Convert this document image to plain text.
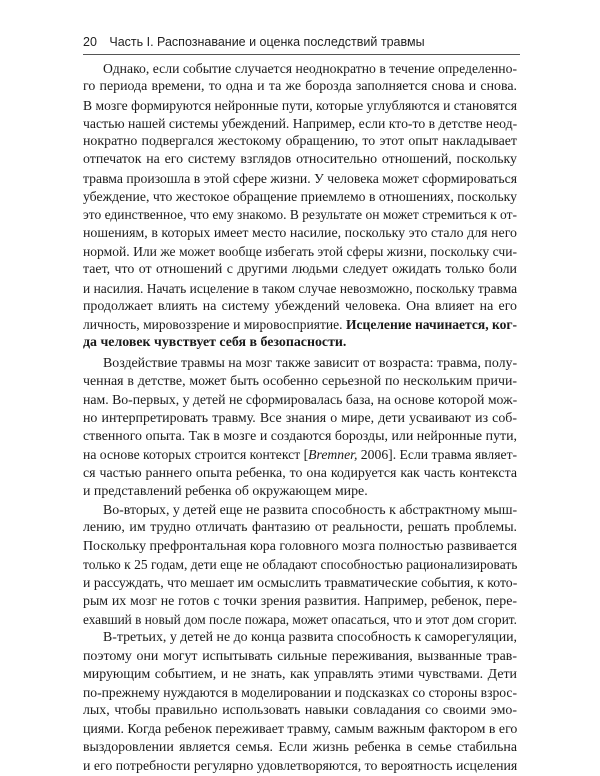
20 Часть I. Распознавание и оценка последствий травмы
Однако, если событие случается неоднократно в течение определенно-
го периода времени, то одна и та же борозда заполняется снова и снова.
В мозге формируются нейронные пути, которые углубляются и становятся
частью нашей системы убеждений. Например, если кто-то в детстве неод-
нократно подвергался жестокому обращению, то этот опыт накладывает
отпечаток на его систему взглядов относительно отношений, поскольку
травма произошла в этой сфере жизни. У человека может сформироваться
убеждение, что жестокое обращение приемлемо в отношениях, поскольку
это единственное, что ему знакомо. В результате он может стремиться к от-
ношениям, в которых имеет место насилие, поскольку это стало для него
нормой. Или же может вообще избегать этой сферы жизни, поскольку счи-
тает, что от отношений с другими людьми следует ожидать только боли
и насилия. Начать исцеление в таком случае невозможно, поскольку травма
продолжает влиять на систему убеждений человека. Она влияет на его
личность, мировоззрение и мировосприятие. Исцеление начинается, ког-
да человек чувствует себя в безопасности.
Воздействие травмы на мозг также зависит от возраста: травма, полу-
ченная в детстве, может быть особенно серьезной по нескольким причи-
нам. Во-первых, у детей не сформировалась база, на основе которой мож-
но интерпретировать травму. Все знания о мире, дети усваивают из соб-
ственного опыта. Так в мозге и создаются борозды, или нейронные пути,
на основе которых строится контекст [Bremner, 2006]. Если травма являет-
ся частью раннего опыта ребенка, то она кодируется как часть контекста
и представлений ребенка об окружающем мире.
Во-вторых, у детей еще не развита способность к абстрактному мыш-
лению, им трудно отличать фантазию от реальности, решать проблемы.
Поскольку префронтальная кора головного мозга полностью развивается
только к 25 годам, дети еще не обладают способностью рационализировать
и рассуждать, что мешает им осмыслить травматические события, к кото-
рым их мозг не готов с точки зрения развития. Например, ребенок, пере-
ехавший в новый дом после пожара, может опасаться, что и этот дом сгорит.
В-третьих, у детей не до конца развита способность к саморегуляции,
поэтому они могут испытывать сильные переживания, вызванные трав-
мирующим событием, и не знать, как управлять этими чувствами. Дети
по-прежнему нуждаются в моделировании и подсказках со стороны взрос-
лых, чтобы правильно использовать навыки совладания со своими эмо-
циями. Когда ребенок переживает травму, самым важным фактором в его
выздоровлении является семья. Если жизнь ребенка в семье стабильна
и его потребности регулярно удовлетворяются, то вероятность исцеления
